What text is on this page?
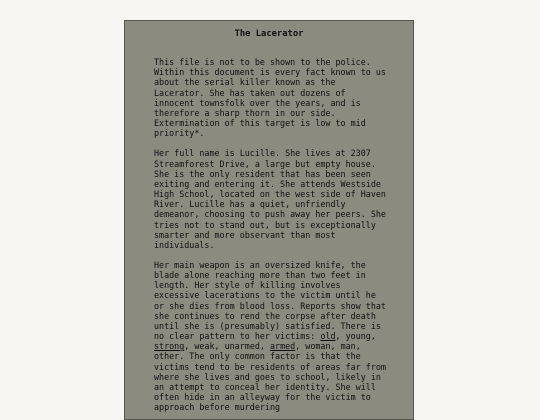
The Lacerator

This file is not to be shown to the police. Within this document is every fact known to us about the serial killer known as the Lacerator. She has taken out dozens of innocent townsfolk over the years, and is therefore a sharp thorn in our side. Extermination of this target is low to mid priority*.

Her full name is Lucille. She lives at 2307 Streamforest Drive, a large but empty house. She is the only resident that has been seen exiting and entering it. She attends Westside High School, located on the west side of Haven River. Lucille has a quiet, unfriendly demeanor, choosing to push away her peers. She tries not to stand out, but is exceptionally smarter and more observant than most individuals.

Her main weapon is an oversized knife, the blade alone reaching more than two feet in length. Her style of killing involves excessive lacerations to the victim until he or she dies from blood loss. Reports show that she continues to rend the corpse after death until she is (presumably) satisfied. There is no clear pattern to her victims: old, young, strong, weak, unarmed, armed, woman, man, other. The only common factor is that the victims tend to be residents of areas far from where she lives and goes to school, likely in an attempt to conceal her identity. She will often hide in an alleyway for the victim to approach before murdering
